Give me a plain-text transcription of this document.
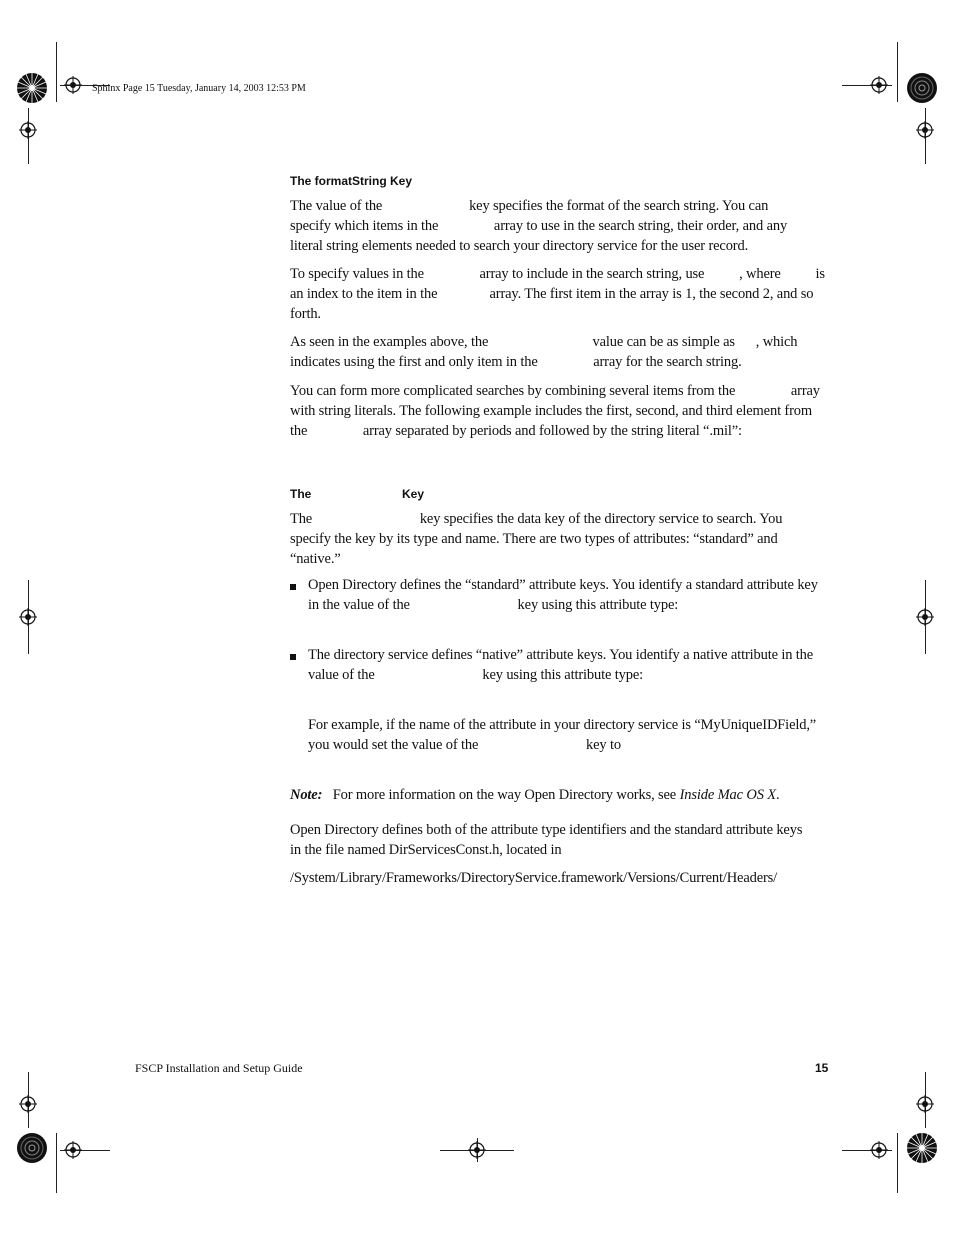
Sphinx Page 15 Tuesday, January 14, 2003 12:53 PM
The formatString Key
The value of the                         key specifies the format of the search string. You can
specify which items in the                array to use in the search string, their order, and any
literal string elements needed to search your directory service for the user record.
To specify values in the                array to include in the search string, use          , where          is
an index to the item in the               array. The first item in the array is 1, the second 2, and so
forth.
As seen in the examples above, the                              value can be as simple as      , which
indicates using the first and only item in the                array for the search string.
You can form more complicated searches by combining several items from the                array
with string literals. The following example includes the first, second, and third element from
the                array separated by periods and followed by the string literal “.mil”:
The	Key
The                               key specifies the data key of the directory service to search. You
specify the key by its type and name. There are two types of attributes: “standard” and
“native.”
Open Directory defines the “standard” attribute keys. You identify a standard attribute key
in the value of the                               key using this attribute type:
The directory service defines “native” attribute keys. You identify a native attribute in the
value of the                               key using this attribute type:
For example, if the name of the attribute in your directory service is “MyUniqueIDField,”
you would set the value of the                               key to
Note: For more information on the way Open Directory works, see Inside Mac OS X.
Open Directory defines both of the attribute type identifiers and the standard attribute keys
in the file named DirServicesConst.h, located in
/System/Library/Frameworks/DirectoryService.framework/Versions/Current/Headers/
FSCP Installation and Setup Guide	15
